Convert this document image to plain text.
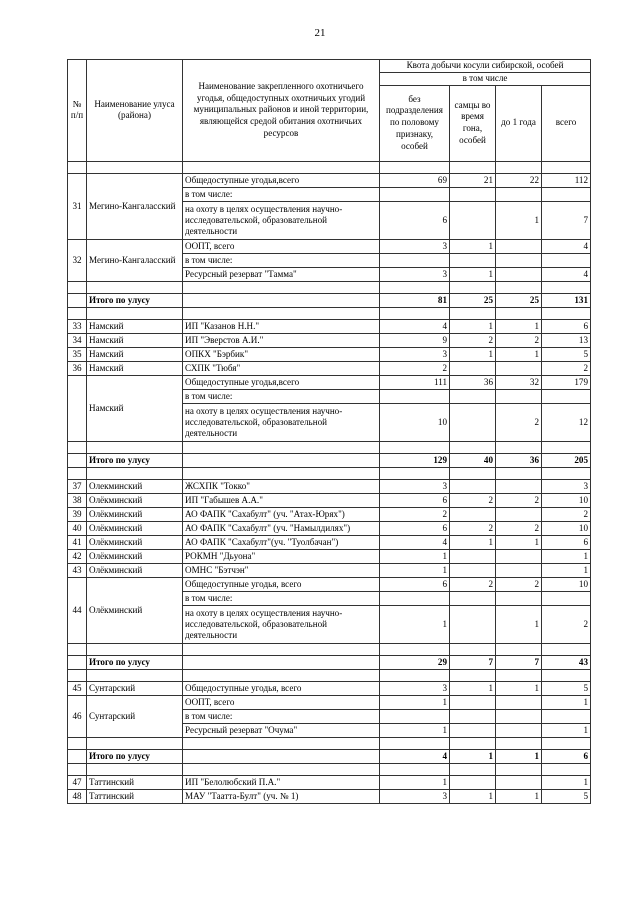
21
№ п/п	Наименование улуса (района)	Наименование закрепленного охотничьего угодья, общедоступных охотничьих угодий муниципальных районов и иной территории, являющейся средой обитания охотничьих ресурсов	Квота добычи косули сибирской, особей			
			в том числе			
			без подразделения по половому признаку, особей	самцы во время гона, особей	до 1 года	всего

31	Мегино-Кангаласский	Общедоступные угодья,всего	69	21	22	112
		в том числе:				
		на охоту в целях осуществления научно-исследовательской, образовательной деятельности	6		1	7
32	Мегино-Кангаласский	ООПТ, всего	3	1		4
		в том числе:				
		Ресурсный резерват "Тамма"	3	1		4

	Итого по улусу		81	25	25	131

33	Намский	ИП "Казанов Н.Н."	4	1	1	6
34	Намский	ИП "Эверстов А.И."	9	2	2	13
35	Намский	ОПКХ "Бэрбик"	3	1	1	5
36	Намский	СХПК "Тюбя"	2			2
	Намский	Общедоступные угодья,всего	111	36	32	179
		в том числе:				
		на охоту в целях осуществления научно-исследовательской, образовательной деятельности	10		2	12

	Итого по улусу		129	40	36	205

37	Олекминский	ЖСХПК "Токко"	3			3
38	Олёкминский	ИП "Габышев А.А."	6	2	2	10
39	Олёкминский	АО ФАПК "Сахабулт" (уч. "Атах-Юрях")	2			2
40	Олёкминский	АО ФАПК "Сахабулт" (уч. "Намылдилях")	6	2	2	10
41	Олёкминский	АО ФАПК "Сахабулт"(уч. "Туолбачан")	4	1	1	6
42	Олёкминский	РОКМН "Дьуона"	1			1
43	Олёкминский	ОМНС "Бэтчэн"	1			1
44	Олёкминский	Общедоступные угодья, всего	6	2	2	10
		в том числе:				
		на охоту в целях осуществления научно-исследовательской, образовательной деятельности	1		1	2

	Итого по улусу		29	7	7	43

45	Сунтарский	Общедоступные угодья, всего	3	1	1	5
46	Сунтарский	ООПТ, всего	1			1
		в том числе:				
		Ресурсный резерват "Очума"	1			1

	Итого по улусу		4	1	1	6

47	Таттинский	ИП "Белолюбский П.А."	1			1
48	Таттинский	МАУ "Таатта-Булт" (уч. № 1)	3	1	1	5
